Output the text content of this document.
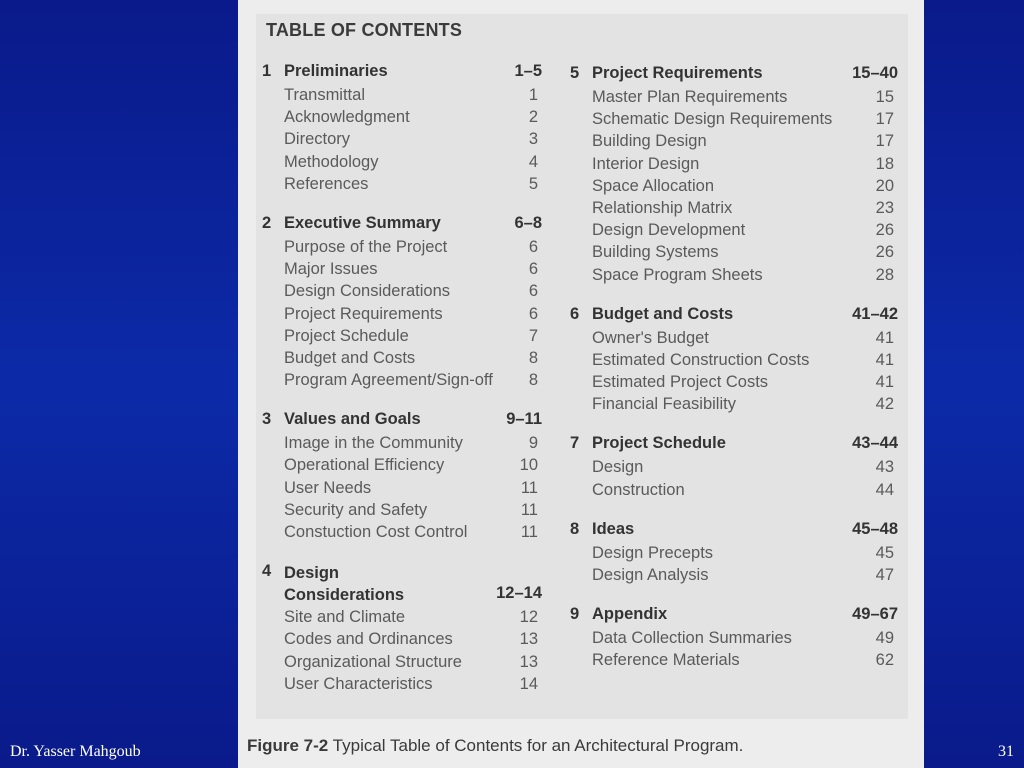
TABLE OF CONTENTS
1 Preliminaries	1–5
Transmittal	1
Acknowledgment	2
Directory	3
Methodology	4
References	5
2 Executive Summary	6–8
Purpose of the Project	6
Major Issues	6
Design Considerations	6
Project Requirements	6
Project Schedule	7
Budget and Costs	8
Program Agreement/Sign-off 8
3 Values and Goals	9–11
Image in the Community	9
Operational Efficiency	10
User Needs	11
Security and Safety	11
Constuction Cost Control	11
4 Design Considerations	12–14
Site and Climate	12
Codes and Ordinances	13
Organizational Structure	13
User Characteristics	14
5 Project Requirements	15–40
Master Plan Requirements	15
Schematic Design Requirements	17
Building Design	17
Interior Design	18
Space Allocation	20
Relationship Matrix	23
Design Development	26
Building Systems	26
Space Program Sheets	28
6 Budget and Costs	41–42
Owner's Budget	41
Estimated Construction Costs	41
Estimated Project Costs	41
Financial Feasibility	42
7 Project Schedule	43–44
Design	43
Construction	44
8 Ideas	45–48
Design Precepts	45
Design Analysis	47
9 Appendix	49–67
Data Collection Summaries	49
Reference Materials	62
Figure 7-2 Typical Table of Contents for an Architectural Program.
Dr. Yasser Mahgoub	31
